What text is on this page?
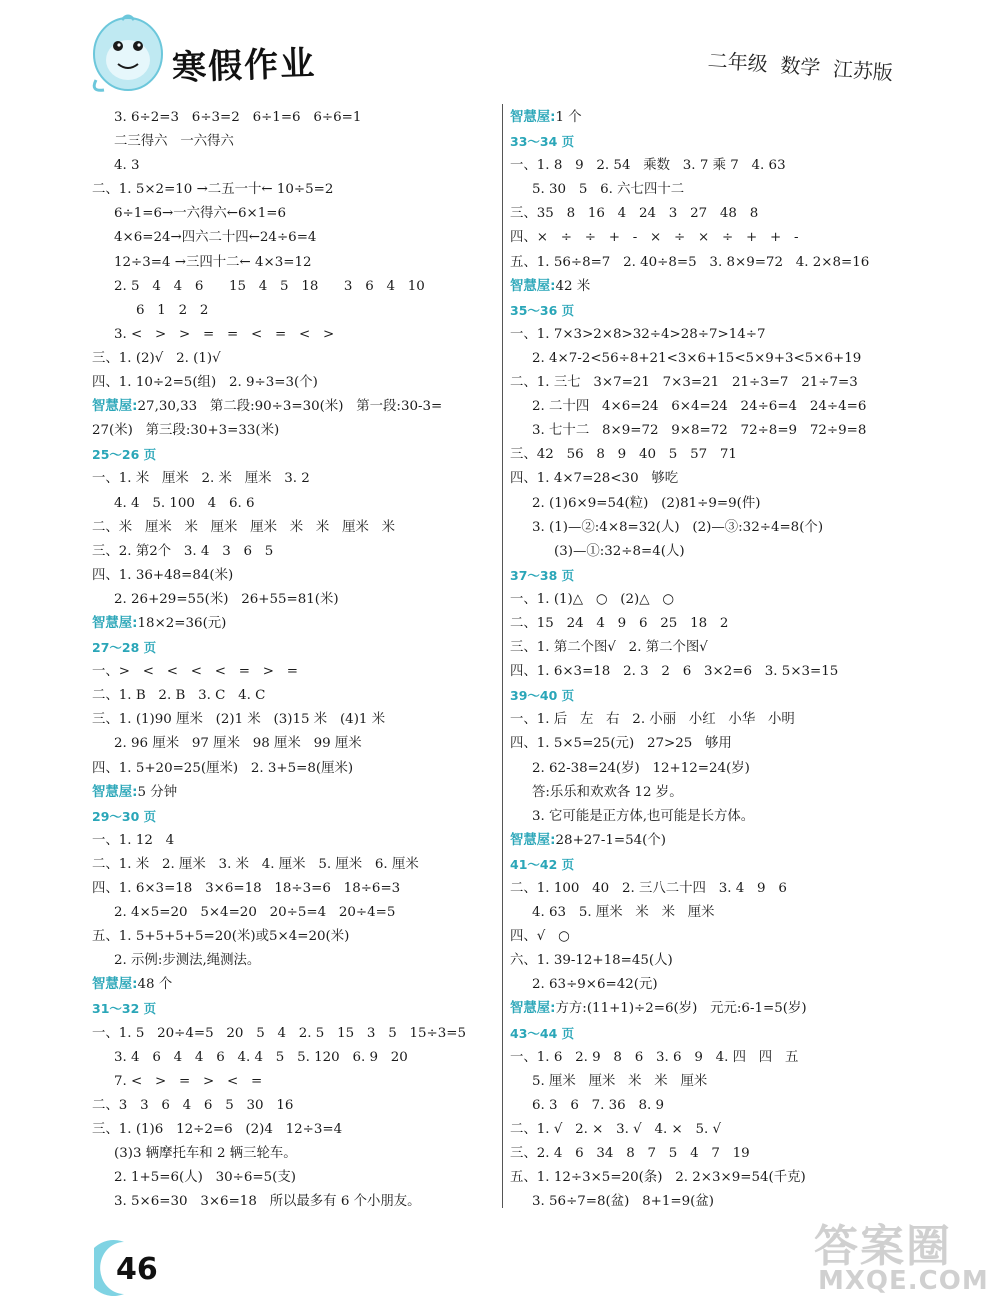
寒假作业	二年级  数学  江苏版
3. 6÷2=3   6÷3=2   6÷1=6   6÷6=1
二三得六   一六得六
4. 3
二、1. 5×2=10 →二五一十← 10÷5=2
6÷1=6→一六得六←6×1=6
4×6=24→四六二十四←24÷6=4
12÷3=4 →三四十二← 4×3=12
2. 5   4   4   6      15   4   5   18      3   6   4   10
6   1   2   2
3. <   >   >   =   =   <   =   <   >
三、1. (2)√   2. (1)√
四、1. 10÷2=5(组)   2. 9÷3=3(个)
智慧屋:27,30,33   第二段:90÷3=30(米)   第一段:30-3=
27(米)   第三段:30+3=33(米)
25～26 页
一、1. 米   厘米   2. 米   厘米   3. 2
4. 4   5. 100   4   6. 6
二、米   厘米   米   厘米   厘米   米   米   厘米   米
三、2. 第2个   3. 4   3   6   5
四、1. 36+48=84(米)
2. 26+29=55(米)   26+55=81(米)
智慧屋:18×2=36(元)
27～28 页
一、>   <   <   <   <   =   >   =
二、1. B   2. B   3. C   4. C
三、1. (1)90 厘米   (2)1 米   (3)15 米   (4)1 米
2. 96 厘米   97 厘米   98 厘米   99 厘米
四、1. 5+20=25(厘米)   2. 3+5=8(厘米)
智慧屋:5 分钟
29～30 页
一、1. 12   4
二、1. 米   2. 厘米   3. 米   4. 厘米   5. 厘米   6. 厘米
四、1. 6×3=18   3×6=18   18÷3=6   18÷6=3
2. 4×5=20   5×4=20   20÷5=4   20÷4=5
五、1. 5+5+5+5=20(米)或5×4=20(米)
2. 示例:步测法,绳测法。
智慧屋:48 个
31～32 页
一、1. 5   20÷4=5   20   5   4   2. 5   15   3   5   15÷3=5
3. 4   6   4   4   6   4. 4   5   5. 120   6. 9   20
7. <   >   =   >   <   =
二、3   3   6   4   6   5   30   16
三、1. (1)6   12÷2=6   (2)4   12÷3=4
(3)3 辆摩托车和 2 辆三轮车。
2. 1+5=6(人)   30÷6=5(支)
3. 5×6=30   3×6=18   所以最多有 6 个小朋友。
智慧屋:1 个
33～34 页
一、1. 8   9   2. 54   乘数   3. 7 乘 7   4. 63
5. 30   5   6. 六七四十二
三、35   8   16   4   24   3   27   48   8
四、×   ÷   ÷   +   -   ×   ÷   ×   ÷   +   +   -
五、1. 56÷8=7   2. 40÷8=5   3. 8×9=72   4. 2×8=16
智慧屋:42 米
35～36 页
一、1. 7×3>2×8>32÷4>28÷7>14÷7
2. 4×7-2<56÷8+21<3×6+15<5×9+3<5×6+19
二、1. 三七   3×7=21   7×3=21   21÷3=7   21÷7=3
2. 二十四   4×6=24   6×4=24   24÷6=4   24÷4=6
3. 七十二   8×9=72   9×8=72   72÷8=9   72÷9=8
三、42   56   8   9   40   5   57   71
四、1. 4×7=28<30   够吃
2. (1)6×9=54(粒)   (2)81÷9=9(件)
3. (1)—②:4×8=32(人)   (2)—③:32÷4=8(个)
(3)—①:32÷8=4(人)
37～38 页
一、1. (1)△   ○   (2)△   ○
二、15   24   4   9   6   25   18   2
三、1. 第二个图√   2. 第二个图√
四、1. 6×3=18   2. 3   2   6   3×2=6   3. 5×3=15
39～40 页
一、1. 后   左   右   2. 小丽   小红   小华   小明
四、1. 5×5=25(元)   27>25   够用
2. 62-38=24(岁)   12+12=24(岁)
答:乐乐和欢欢各 12 岁。
3. 它可能是正方体,也可能是长方体。
智慧屋:28+27-1=54(个)
41～42 页
二、1. 100   40   2. 三八二十四   3. 4   9   6
4. 63   5. 厘米   米   米   厘米
四、√   ○
六、1. 39-12+18=45(人)
2. 63÷9×6=42(元)
智慧屋:方方:(11+1)÷2=6(岁)   元元:6-1=5(岁)
43～44 页
一、1. 6   2. 9   8   6   3. 6   9   4. 四   四   五
5. 厘米   厘米   米   米   厘米
6. 3   6   7. 36   8. 9
二、1. √   2. ×   3. √   4. ×   5. √
三、2. 4   6   34   8   7   5   4   7   19
五、1. 12÷3×5=20(条)   2. 2×3×9=54(千克)
3. 56÷7=8(盆)   8+1=9(盆)
46	答案圈
MXQE.COM
